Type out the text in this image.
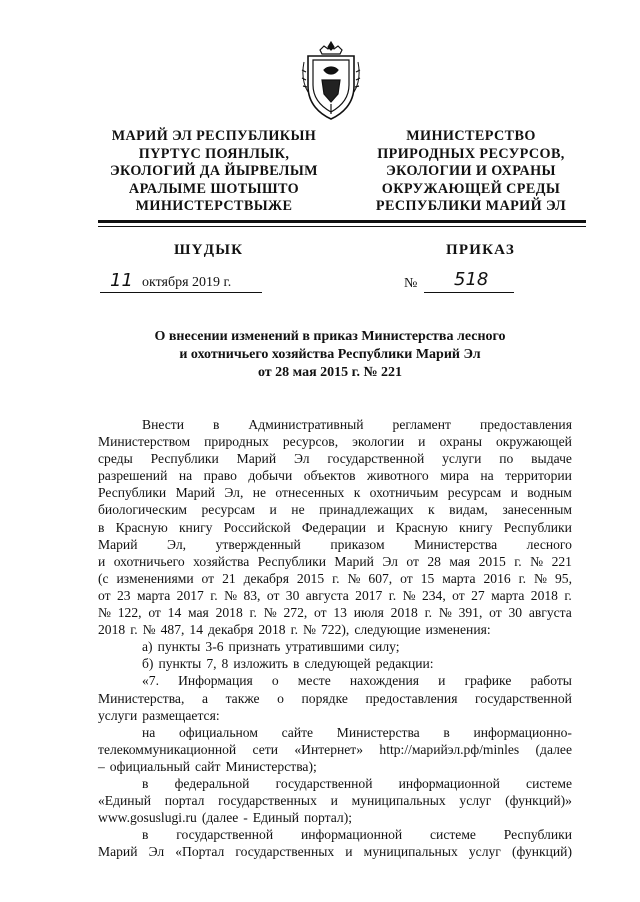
МАРИЙ ЭЛ РЕСПУБЛИКЫН
ПҮРТҮС ПОЯНЛЫК,
ЭКОЛОГИЙ ДА ЙЫРВЕЛЫМ
АРАЛЫМЕ ШОТЫШТО
МИНИСТЕРСТВЫЖЕ
МИНИСТЕРСТВО
ПРИРОДНЫХ РЕСУРСОВ,
ЭКОЛОГИИ И ОХРАНЫ
ОКРУЖАЮЩЕЙ СРЕДЫ
РЕСПУБЛИКИ МАРИЙ ЭЛ
ШҮДЫК	ПРИКАЗ
11 октября 2019 г.	№ 518
О внесении изменений в приказ Министерства лесного
и охотничьего хозяйства Республики Марий Эл
от 28 мая 2015 г. № 221
Внести в Административный регламент предоставления
Министерством природных ресурсов, экологии и охраны окружающей
среды Республики Марий Эл государственной услуги по выдаче
разрешений на право добычи объектов животного мира на территории
Республики Марий Эл, не отнесенных к охотничьим ресурсам и водным
биологическим ресурсам и не принадлежащих к видам, занесенным
в Красную книгу Российской Федерации и Красную книгу Республики
Марий Эл, утвержденный приказом Министерства лесного
и охотничьего хозяйства Республики Марий Эл от 28 мая 2015 г. № 221
(с изменениями от 21 декабря 2015 г. № 607, от 15 марта 2016 г. № 95,
от 23 марта 2017 г. № 83, от 30 августа 2017 г. № 234, от 27 марта 2018 г.
№ 122, от 14 мая 2018 г. № 272, от 13 июля 2018 г. № 391, от 30 августа
2018 г. № 487, 14 декабря 2018 г. № 722), следующие изменения:
а) пункты 3-6 признать утратившими силу;
б) пункты 7, 8 изложить в следующей редакции:
«7. Информация о месте нахождения и графике работы
Министерства, а также о порядке предоставления государственной
услуги размещается:
на официальном сайте Министерства в информационно-
телекоммуникационной сети «Интернет» http://марийэл.рф/minles (далее
– официальный сайт Министерства);
в федеральной государственной информационной системе
«Единый портал государственных и муниципальных услуг (функций)»
www.gosuslugi.ru (далее - Единый портал);
в государственной информационной системе Республики
Марий Эл «Портал государственных и муниципальных услуг (функций)
